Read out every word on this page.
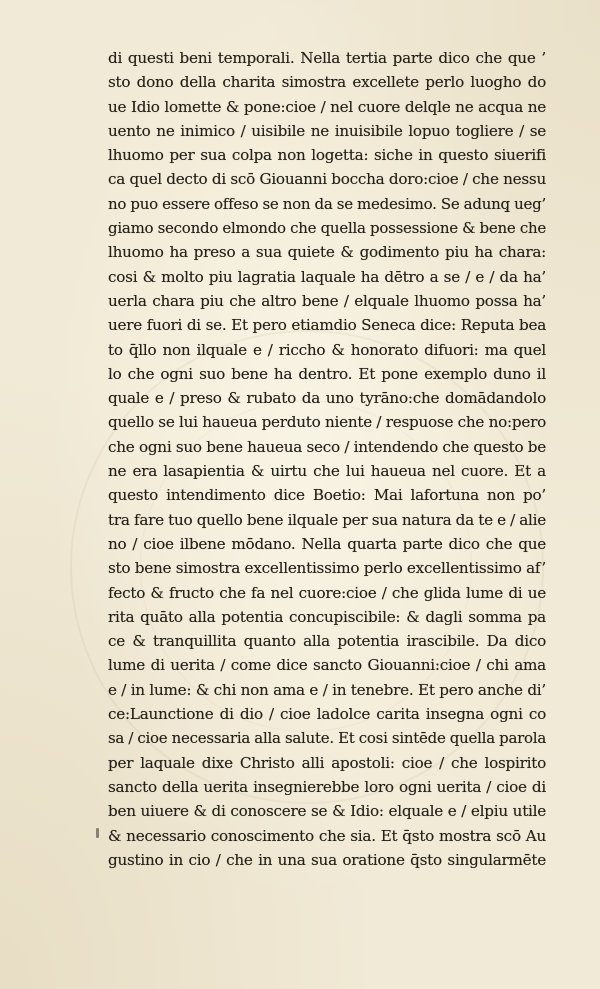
di questi beni temporali. Nella tertia parte dico che que ’
sto dono della charita simostra excellete perlo luogho do
ue Idio lomette & pone:cioe / nel cuore delqle ne acqua ne
uento ne inimico / uisibile ne inuisibile lopuo togliere / se
lhuomo per sua colpa non logetta: siche in questo siuerifi
ca quel decto di scō Giouanni boccha doro:cioe / che nessu
no puo essere offeso se non da se medesimo. Se adunq̧ ueg’
giamo secondo elmondo che quella possessione & bene che
lhuomo ha preso a sua quiete & godimento piu ha chara:
cosi & molto piu lagratia laquale ha dētro a se / e / da ha’
uerla chara piu che altro bene / elquale lhuomo possa ha’
uere fuori di se. Et pero etiamdio Seneca dice: Reputa bea
to q̄llo non ilquale e / riccho & honorato difuori: ma quel
lo che ogni suo bene ha dentro. Et pone exemplo duno il
quale e / preso & rubato da uno tyrāno:che domādandolo
quello se lui haueua perduto niente / respuose che no:pero
che ogni suo bene haueua seco / intendendo che questo be
ne era lasapientia & uirtu che lui haueua nel cuore. Et a
questo intendimento dice Boetio: Mai lafortuna non po’
tra fare tuo quello bene ilquale per sua natura da te e / alie
no / cioe ilbene mōdano. Nella quarta parte dico che que
sto bene simostra excellentissimo perlo excellentissimo af’
fecto & fructo che fa nel cuore:cioe / che glida lume di ue
rita quāto alla potentia concupiscibile: & dagli somma pa
ce & tranquillita quanto alla potentia irascibile. Da dico
lume di uerita / come dice sancto Giouanni:cioe / chi ama
e / in lume: & chi non ama e / in tenebre. Et pero anche di’
ce:Launctione di dio / cioe ladolce carita insegna ogni co
sa / cioe necessaria alla salute. Et cosi sintēde quella parola
per laquale dixe Christo alli apostoli: cioe / che lospirito
sancto della uerita insegnierebbe loro ogni uerita / cioe di
ben uiuere & di conoscere se & Idio: elquale e / elpiu utile
& necessario conoscimento che sia. Et q̄sto mostra scō Au
gustino in cio / che in una sua oratione q̄sto singularmēte
